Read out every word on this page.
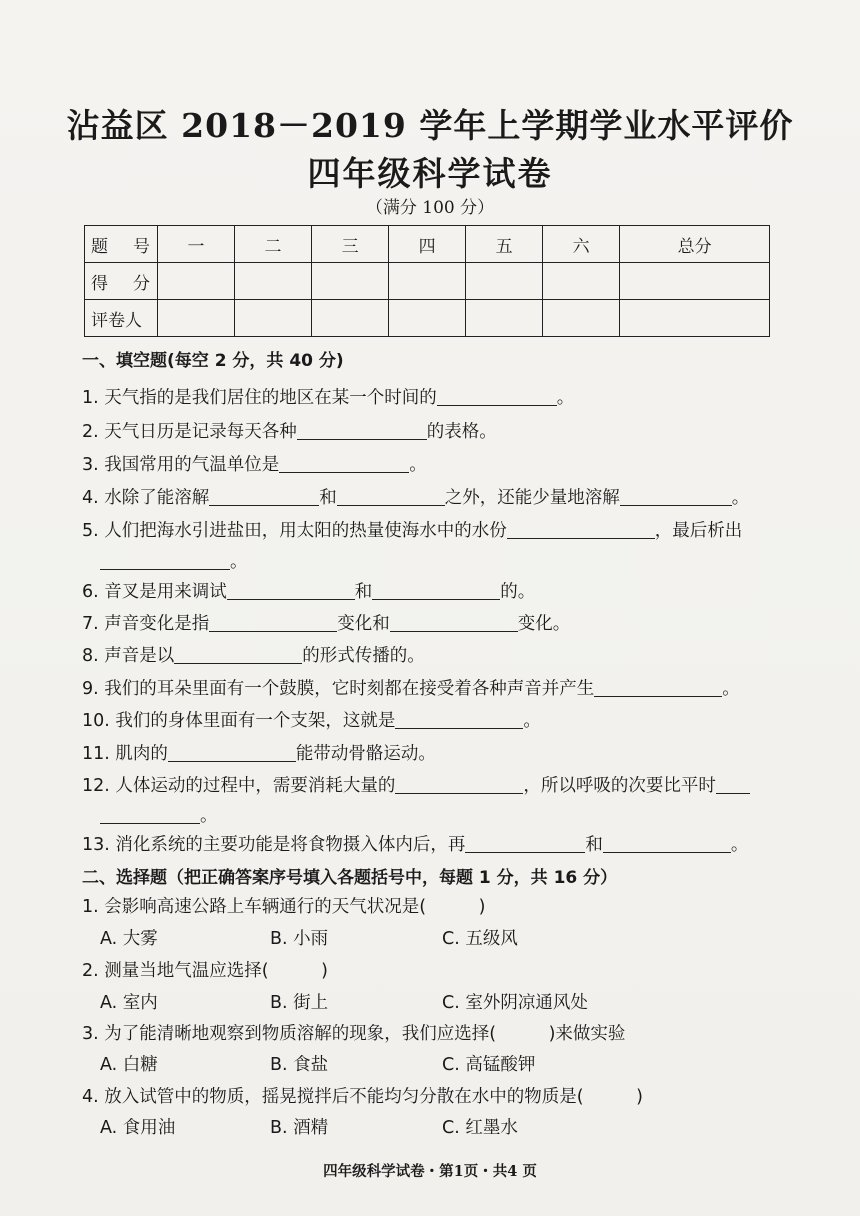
沾益区 2018－2019 学年上学期学业水平评价
四年级科学试卷
（满分 100 分）
题　号	一	二	三	四	五	六	总分
得　分							
评卷人							
一、填空题(每空 2 分，共 40 分)
1. 天气指的是我们居住的地区在某一个时间的	。
2. 天气日历是记录每天各种	的表格。
3. 我国常用的气温单位是	。
4. 水除了能溶解	和	之外，还能少量地溶解	。
5. 人们把海水引进盐田，用太阳的热量使海水中的水份	，最后析出
。
6. 音叉是用来调试	和	的。
7. 声音变化是指	变化和	变化。
8. 声音是以	的形式传播的。
9. 我们的耳朵里面有一个鼓膜，它时刻都在接受着各种声音并产生	。
10. 我们的身体里面有一个支架，这就是	。
11. 肌肉的	能带动骨骼运动。
12. 人体运动的过程中，需要消耗大量的	，所以呼吸的次要比平时
。
13. 消化系统的主要功能是将食物摄入体内后，再	和	。
二、选择题（把正确答案序号填入各题括号中，每题 1 分，共 16 分）
1. 会影响高速公路上车辆通行的天气状况是(　　　)
A. 大雾	B. 小雨	C. 五级风
2. 测量当地气温应选择(　　　)
A. 室内	B. 街上	C. 室外阴凉通风处
3. 为了能清晰地观察到物质溶解的现象，我们应选择(　　　)来做实验
A. 白糖	B. 食盐	C. 高锰酸钾
4. 放入试管中的物质，摇晃搅拌后不能均匀分散在水中的物质是(　　　)
A. 食用油	B. 酒精	C. 红墨水
四年级科学试卷・第1页・共4 页
